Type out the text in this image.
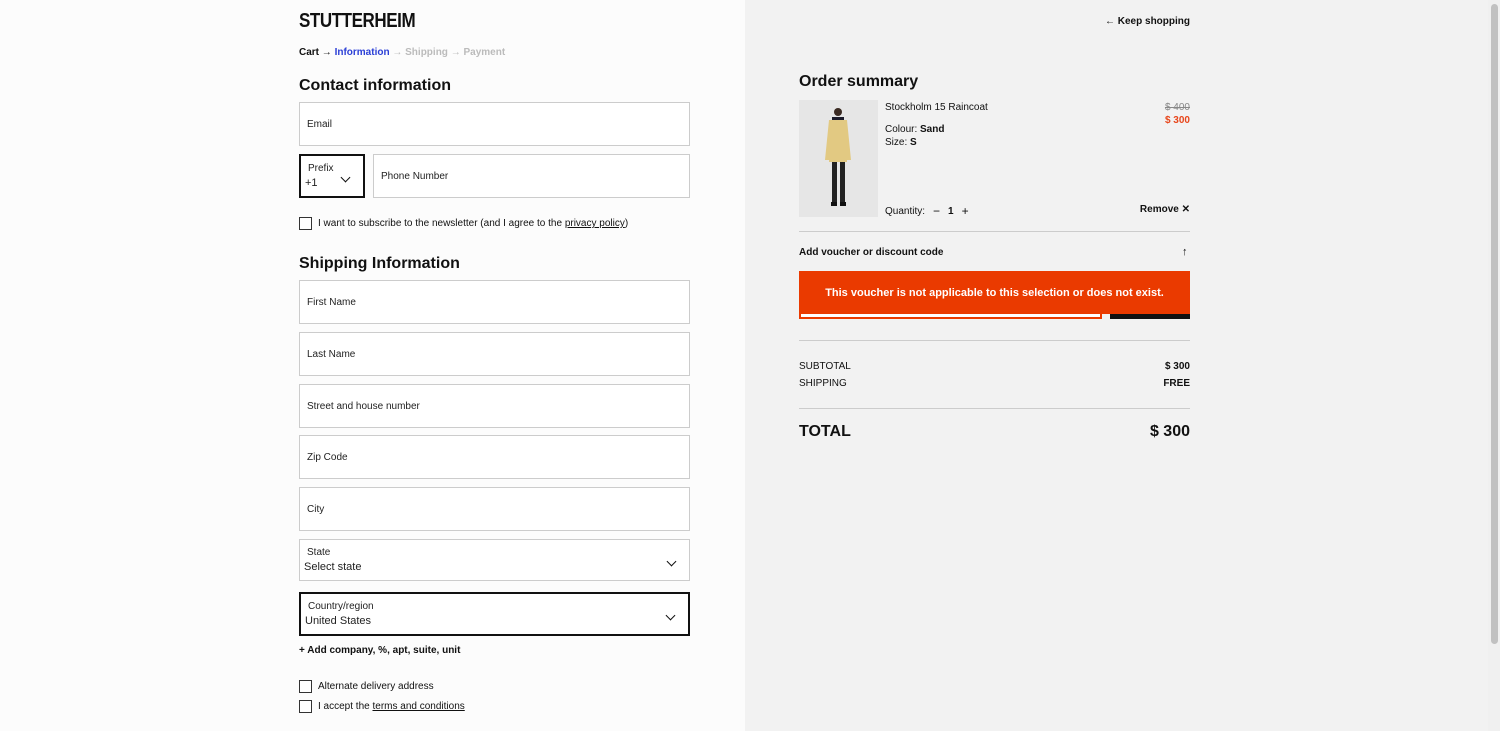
STUTTERHEIM
Cart → Information → Shipping → Payment
Contact information
Email
Prefix
+1
Phone Number
I want to subscribe to the newsletter (and I agree to the privacy policy)
Shipping Information
First Name
Last Name
Street and house number
Zip Code
City
State
Select state
Country/region
United States
+ Add company, %, apt, suite, unit
Alternate delivery address
I accept the terms and conditions
← Keep shopping
Order summary
Stockholm 15 Raincoat
Colour: Sand
Size: S
$ 400
$ 300
Quantity: − 1 +	Remove ✕
Add voucher or discount code	↑
This voucher is not applicable to this selection or does not exist.
SUBTOTAL	$ 300
SHIPPING	FREE
TOTAL	$ 300
